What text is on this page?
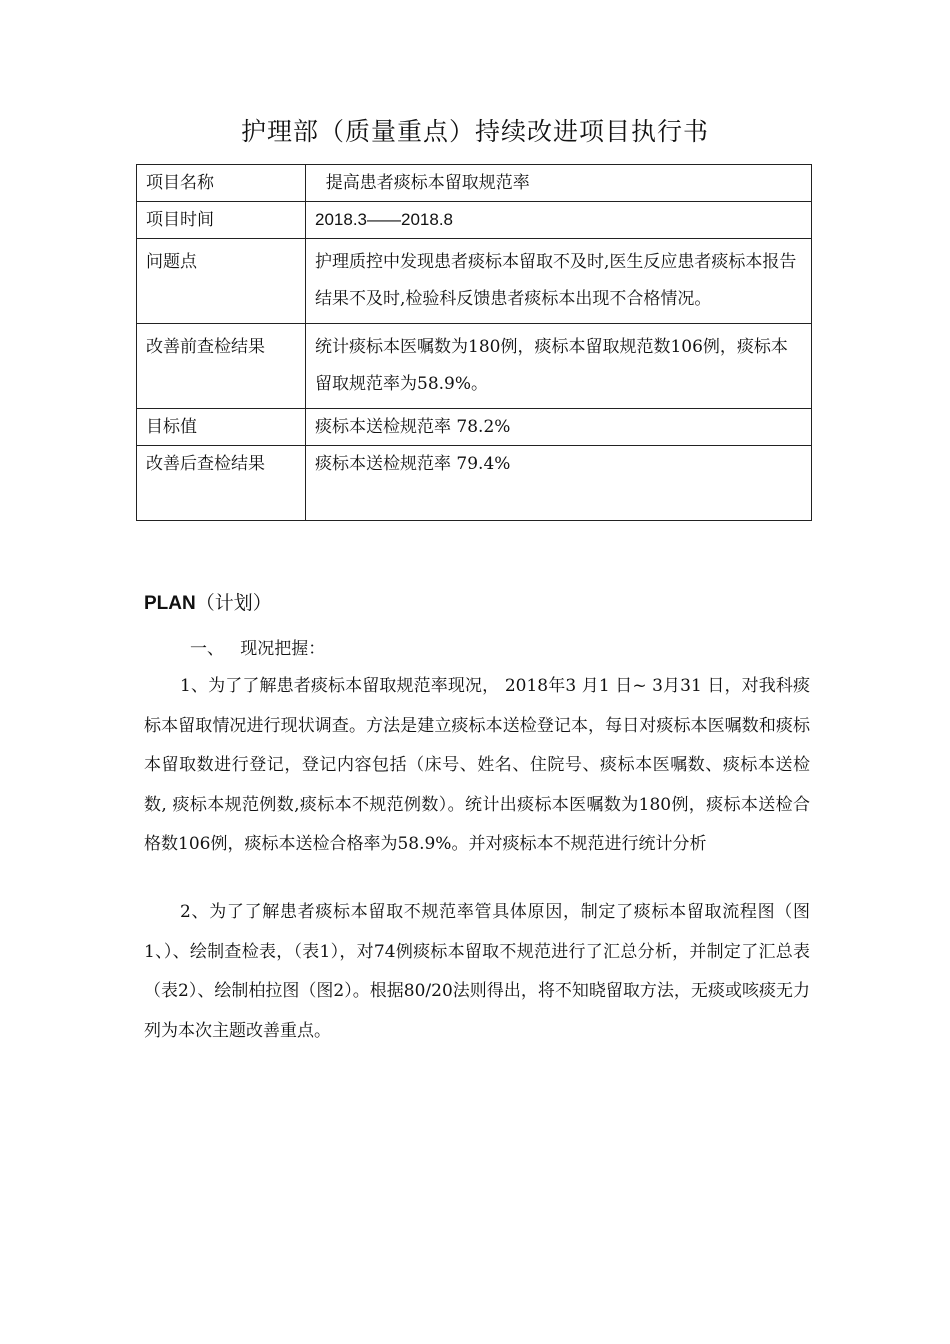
护理部（质量重点）持续改进项目执行书
项目名称	提高患者痰标本留取规范率
项目时间	2018.3——2018.8
问题点	护理质控中发现患者痰标本留取不及时,医生反应患者痰标本报告结果不及时,检验科反馈患者痰标本出现不合格情况。
改善前查检结果	统计痰标本医嘱数为180例，痰标本留取规范数106例，痰标本留取规范率为58.9%。
目标值	痰标本送检规范率 78.2%
改善后查检结果	痰标本送检规范率 79.4%
PLAN（计划）
一、   现况把握：

1、为了了解患者痰标本留取规范率现况， 2018年3 月1 日~ 3月31 日，对我科痰标本留取情况进行现状调查。方法是建立痰标本送检登记本，每日对痰标本医嘱数和痰标本留取数进行登记，登记内容包括（床号、姓名、住院号、痰标本医嘱数、痰标本送检数, 痰标本规范例数,痰标本不规范例数）。统计出痰标本医嘱数为180例，痰标本送检合格数106例，痰标本送检合格率为58.9%。并对痰标本不规范进行统计分析

2、为了了解患者痰标本留取不规范率管具体原因，制定了痰标本留取流程图（图1、）、绘制查检表，（表1），对74例痰标本留取不规范进行了汇总分析，并制定了汇总表（表2）、绘制柏拉图（图2）。根据80/20法则得出，将不知晓留取方法，无痰或咳痰无力列为本次主题改善重点。
